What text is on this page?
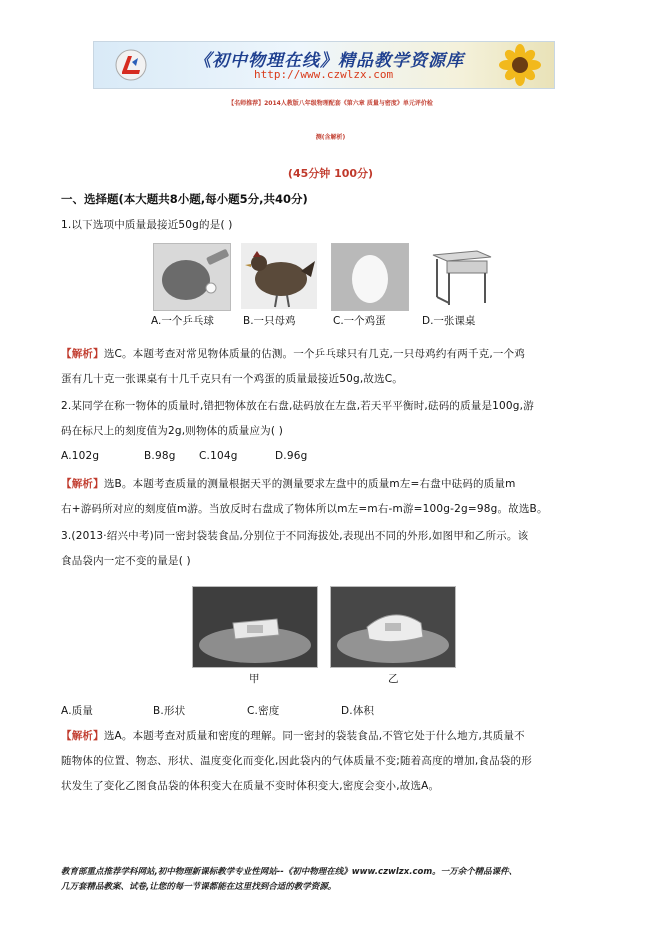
《初中物理在线》精品教学资源库
http://www.czwlzx.com
【名师推荐】2014人教版八年级物理配套《第六章 质量与密度》单元评价检
测(含解析)
(45分钟 100分)
一、选择题(本大题共8小题,每小题5分,共40分)
1.以下选项中质量最接近50g的是( )
A.一个乒乓球	B.一只母鸡	C.一个鸡蛋	D.一张课桌
【解析】选C。本题考查对常见物体质量的估测。一个乒乓球只有几克,一只母鸡约有两千克,一个鸡
蛋有几十克一张课桌有十几千克只有一个鸡蛋的质量最接近50g,故选C。
2.某同学在称一物体的质量时,错把物体放在右盘,砝码放在左盘,若天平平衡时,砝码的质量是100g,游
码在标尺上的刻度值为2g,则物体的质量应为( )
A.102g	B.98g C.104g	D.96g
【解析】选B。本题考查质量的测量根据天平的测量要求左盘中的质量m左=右盘中砝码的质量m
右+游码所对应的刻度值m游。当放反时右盘成了物体所以m左=m右-m游=100g-2g=98g。故选B。
3.(2013·绍兴中考)同一密封袋装食品,分别位于不同海拔处,表现出不同的外形,如图甲和乙所示。该
食品袋内一定不变的量是( )
甲	乙
A.质量	B.形状	C.密度	D.体积
【解析】选A。本题考查对质量和密度的理解。同一密封的袋装食品,不管它处于什么地方,其质量不
随物体的位置、物态、形状、温度变化而变化,因此袋内的气体质量不变;随着高度的增加,食品袋的形
状发生了变化乙图食品袋的体积变大在质量不变时体积变大,密度会变小,故选A。
教育部重点推荐学科网站,初中物理新课标教学专业性网站--《初中物理在线》www.czwlzx.com。一万余个精品课件、
几万套精品教案、试卷,让您的每一节课都能在这里找到合适的教学资源。
